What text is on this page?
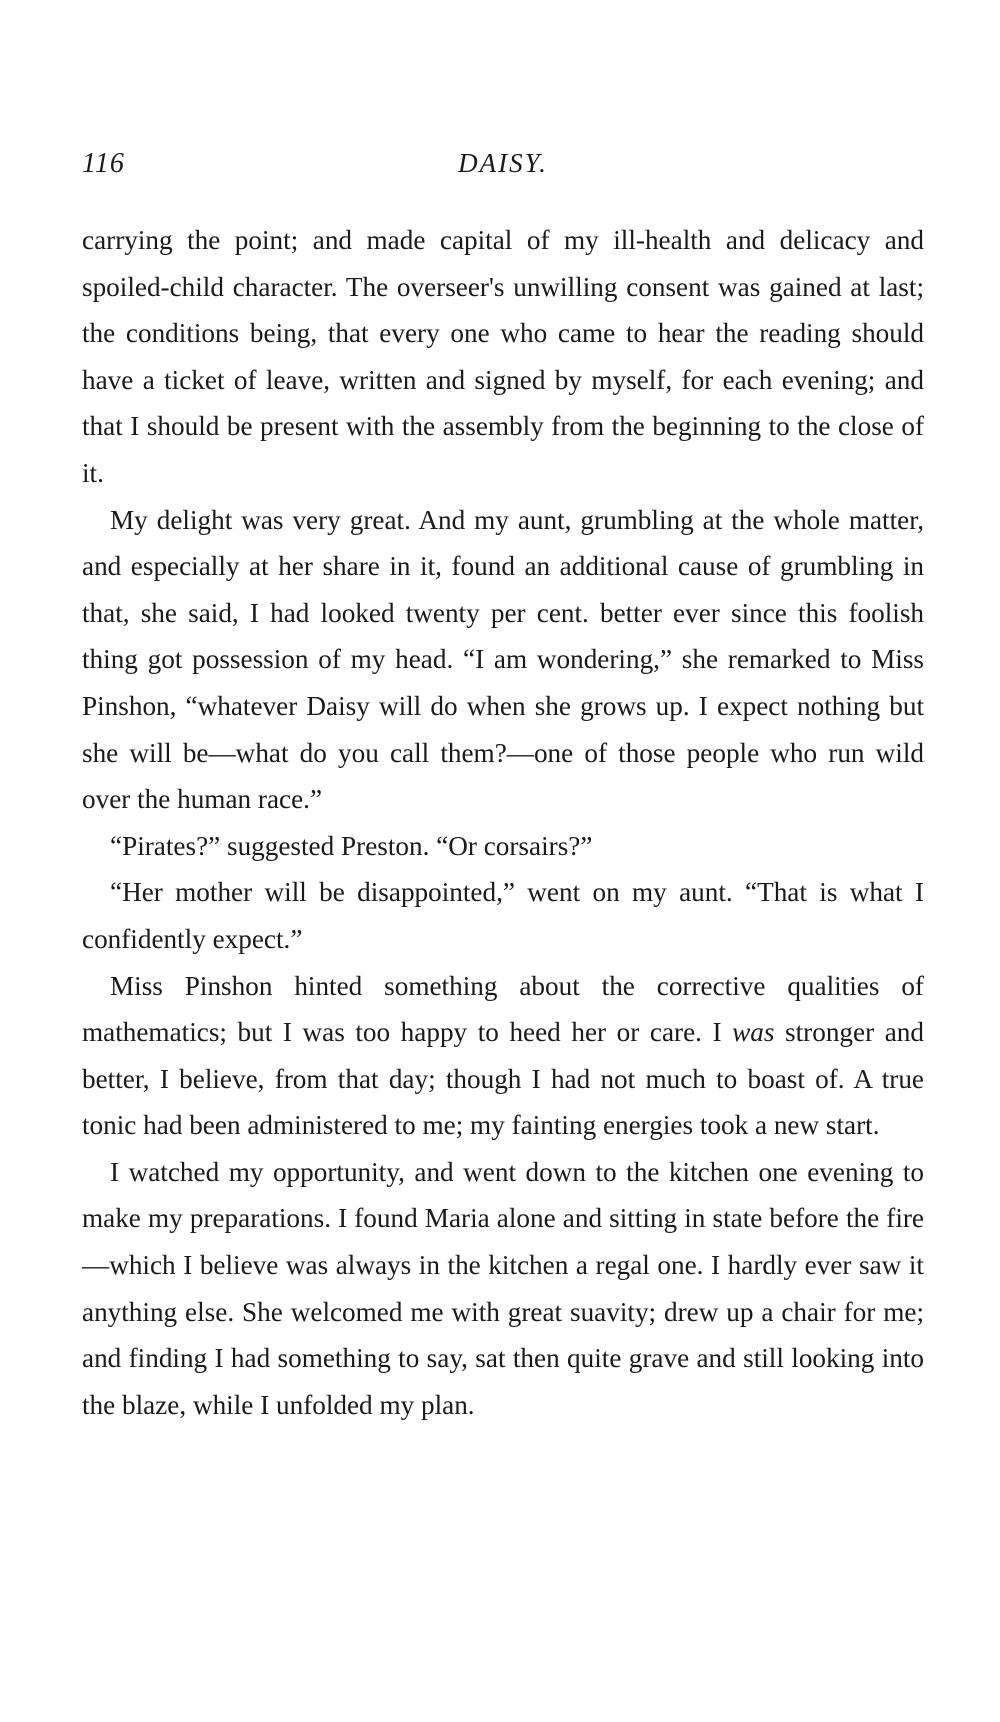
116	DAISY.

carrying the point; and made capital of my ill-health and delicacy and spoiled-child character. The overseer's unwilling consent was gained at last; the conditions being, that every one who came to hear the reading should have a ticket of leave, written and signed by myself, for each evening; and that I should be present with the assembly from the beginning to the close of it.

My delight was very great. And my aunt, grumbling at the whole matter, and especially at her share in it, found an additional cause of grumbling in that, she said, I had looked twenty per cent. better ever since this foolish thing got possession of my head. “I am wondering,” she remarked to Miss Pinshon, “whatever Daisy will do when she grows up. I expect nothing but she will be—what do you call them?—one of those people who run wild over the human race.”

“Pirates?” suggested Preston. “Or corsairs?”

“Her mother will be disappointed,” went on my aunt. “That is what I confidently expect.”

Miss Pinshon hinted something about the corrective qualities of mathematics; but I was too happy to heed her or care. I was stronger and better, I believe, from that day; though I had not much to boast of. A true tonic had been administered to me; my fainting energies took a new start.

I watched my opportunity, and went down to the kitchen one evening to make my preparations. I found Maria alone and sitting in state before the fire—which I believe was always in the kitchen a regal one. I hardly ever saw it anything else. She welcomed me with great suavity; drew up a chair for me; and finding I had something to say, sat then quite grave and still looking into the blaze, while I unfolded my plan.
